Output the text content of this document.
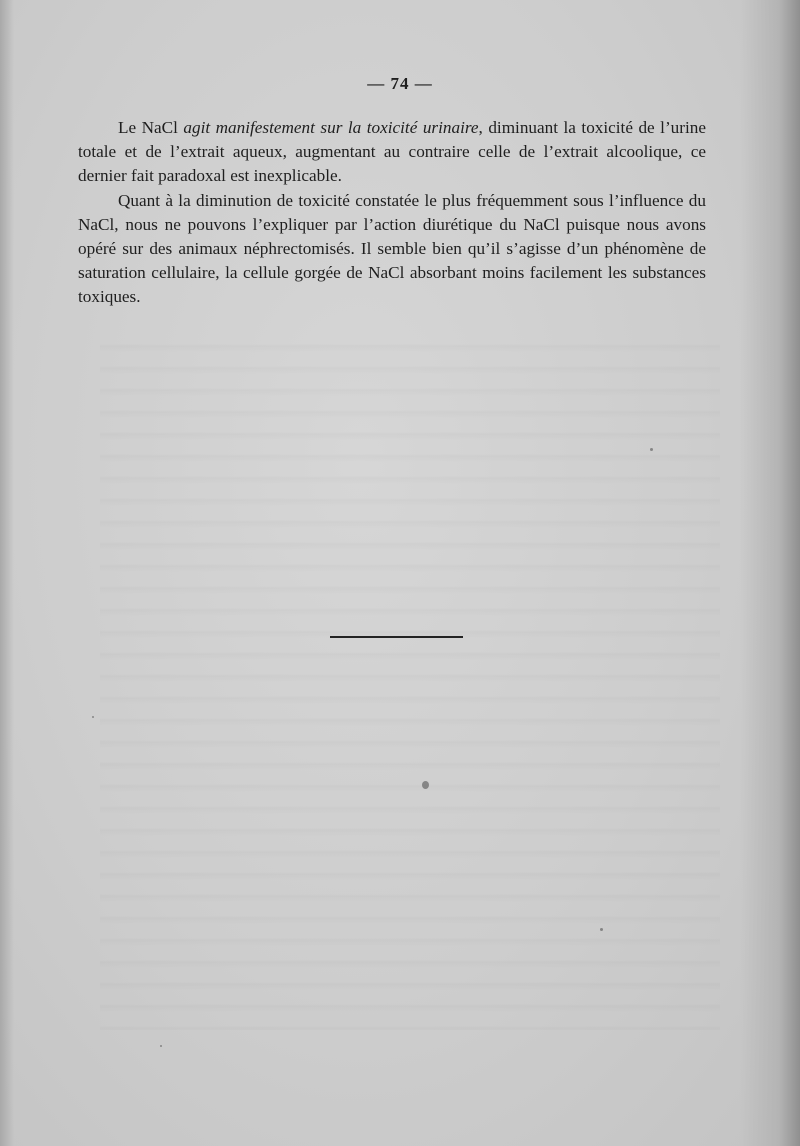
— 74 —

Le NaCl agit manifestement sur la toxicité urinaire, diminuant la toxicité de l’urine totale et de l’extrait aqueux, augmentant au contraire celle de l’extrait alcoolique, ce dernier fait paradoxal est inexplicable.

Quant à la diminution de toxicité constatée le plus fréquemment sous l’influence du NaCl, nous ne pouvons l’expliquer par l’action diurétique du NaCl puisque nous avons opéré sur des animaux néphrectomisés. Il semble bien qu’il s’agisse d’un phénomène de saturation cellulaire, la cellule gorgée de NaCl absorbant moins facilement les substances toxiques.
